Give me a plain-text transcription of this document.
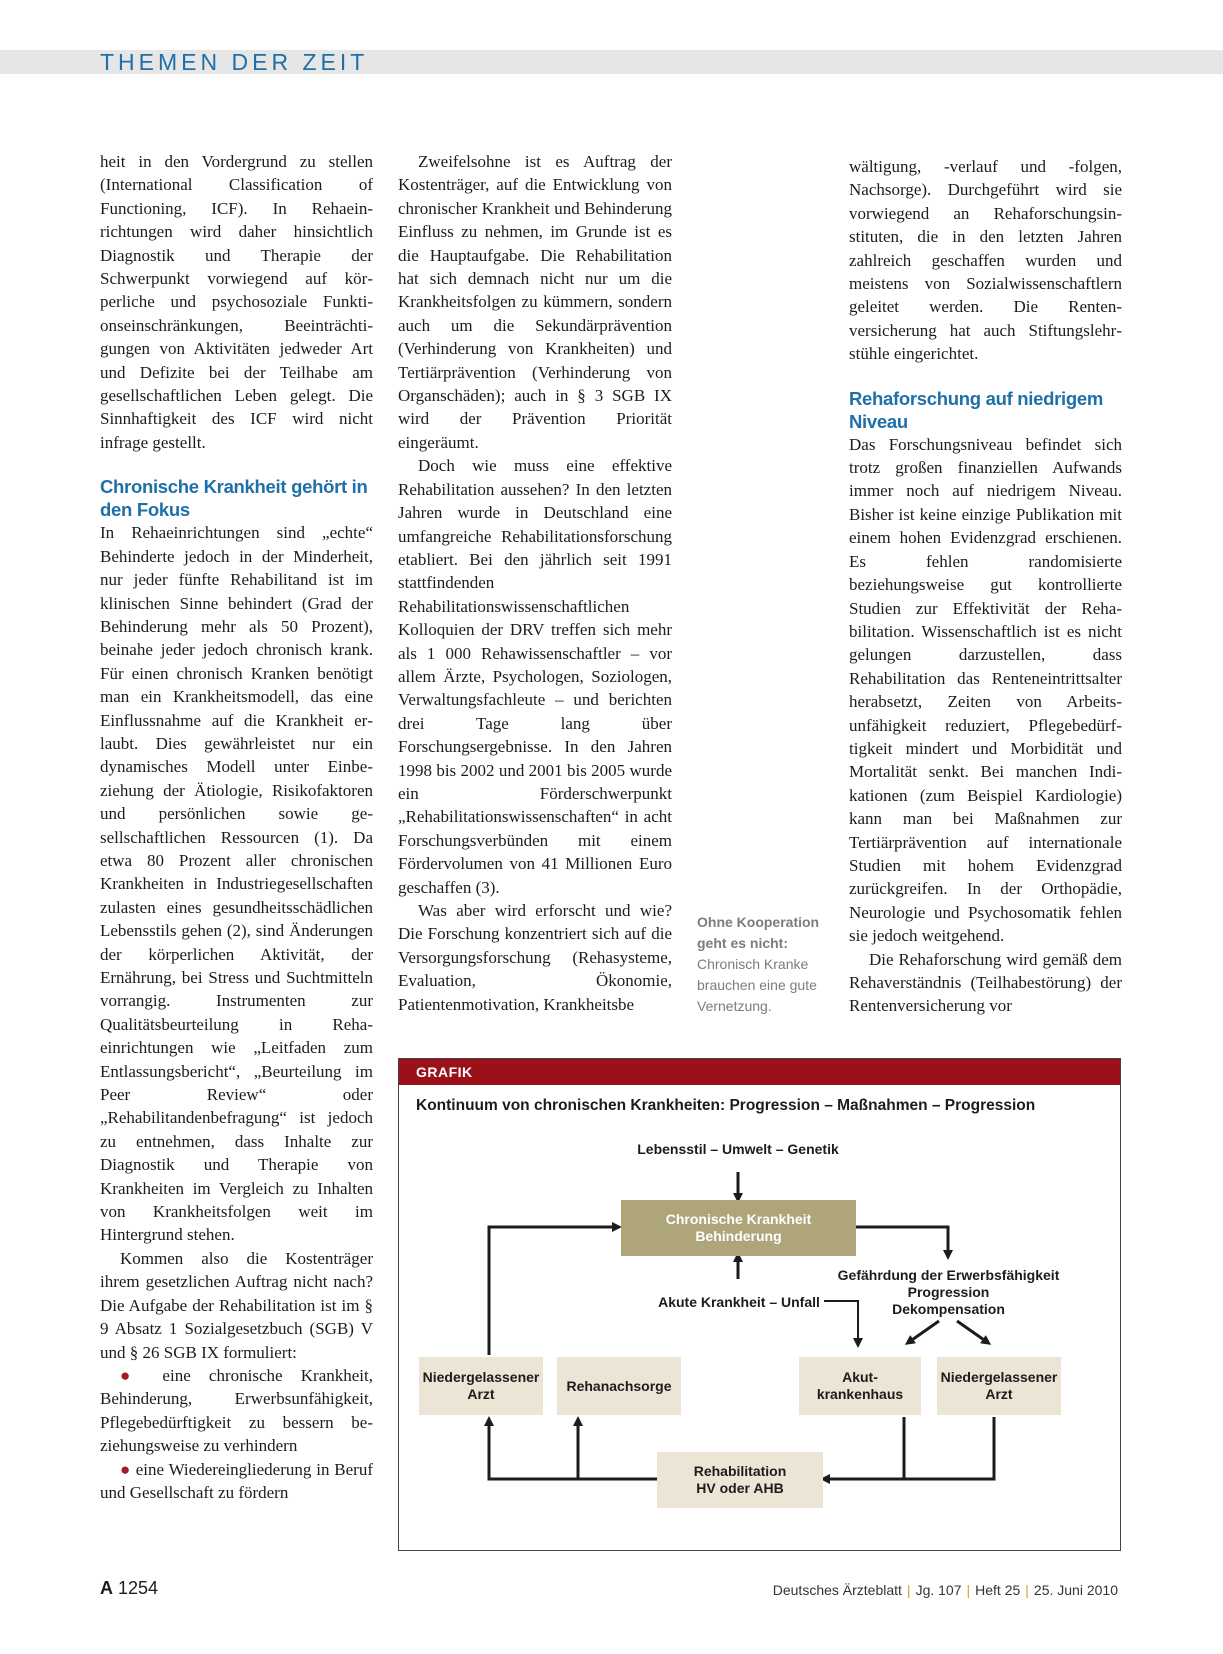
THEMEN DER ZEIT

heit in den Vordergrund zu stellen (International Classification of Functioning, ICF). In Rehaeinrichtungen wird daher hinsichtlich Diagnostik und Therapie der Schwerpunkt vorwiegend auf körperliche und psychosoziale Funktionseinschränkungen, Beeinträchtigungen von Aktivitäten jedweder Art und Defizite bei der Teilhabe am gesellschaftlichen Leben gelegt. Die Sinnhaftigkeit des ICF wird nicht infrage gestellt.

Chronische Krankheit gehört in den Fokus

In Rehaeinrichtungen sind „echte“ Behinderte jedoch in der Minderheit, nur jeder fünfte Rehabilitand ist im klinischen Sinne behindert (Grad der Behinderung mehr als 50 Prozent), beinahe jeder jedoch chronisch krank. Für einen chronisch Kranken benötigt man ein Krankheitsmodell, das eine Einflussnahme auf die Krankheit erlaubt. Dies gewährleistet nur ein dynamisches Modell unter Einbeziehung der Ätiologie, Risikofaktoren und persönlichen sowie gesellschaftlichen Ressourcen (1). Da etwa 80 Prozent aller chronischen Krankheiten in Industriegesellschaften zulasten eines gesundheitsschädlichen Lebensstils gehen (2), sind Änderungen der körperlichen Aktivität, der Ernährung, bei Stress und Suchtmitteln vorrangig. Instrumenten zur Qualitätsbeurteilung in Rehaeinrichtungen wie „Leitfaden zum Entlassungsbericht“, „Beurteilung im Peer Review“ oder „Rehabilitandenbefragung“ ist jedoch zu entnehmen, dass Inhalte zur Diagnostik und Therapie von Krankheiten im Vergleich zu Inhalten von Krankheitsfolgen weit im Hintergrund stehen.

Kommen also die Kostenträger ihrem gesetzlichen Auftrag nicht nach? Die Aufgabe der Rehabilitation ist im § 9 Absatz 1 Sozialgesetzbuch (SGB) V und § 26 SGB IX formuliert:

● eine chronische Krankheit, Behinderung, Erwerbsunfähigkeit, Pflegebedürftigkeit zu bessern beziehungsweise zu verhindern

● eine Wiedereingliederung in Beruf und Gesellschaft zu fördern

Zweifelsohne ist es Auftrag der Kostenträger, auf die Entwicklung von chronischer Krankheit und Behinderung Einfluss zu nehmen, im Grunde ist es die Hauptaufgabe. Die Rehabilitation hat sich demnach nicht nur um die Krankheitsfolgen zu kümmern, sondern auch um die Sekundärprävention (Verhinderung von Krankheiten) und Tertiärprävention (Verhinderung von Organschäden); auch in § 3 SGB IX wird der Prävention Priorität eingeräumt.

Doch wie muss eine effektive Rehabilitation aussehen? In den letzten Jahren wurde in Deutschland eine umfangreiche Rehabilitationsforschung etabliert. Bei den jährlich seit 1991 stattfindenden Rehabilitationswissenschaftlichen Kolloquien der DRV treffen sich mehr als 1 000 Rehawissenschaftler – vor allem Ärzte, Psychologen, Soziologen, Verwaltungsfachleute – und berichten drei Tage lang über Forschungsergebnisse. In den Jahren 1998 bis 2002 und 2001 bis 2005 wurde ein Förderschwerpunkt „Rehabilitationswissenschaften“ in acht Forschungsverbünden mit einem Fördervolumen von 41 Millionen Euro geschaffen (3).

Was aber wird erforscht und wie? Die Forschung konzentriert sich auf die Versorgungsforschung (Rehasysteme, Evaluation, Ökonomie, Patientenmotivation, Krankheitsbe

Ohne Kooperation geht es nicht:
Chronisch Kranke brauchen eine gute Vernetzung.

wältigung, -verlauf und -folgen, Nachsorge). Durchgeführt wird sie vorwiegend an Rehaforschungsinstituten, die in den letzten Jahren zahlreich geschaffen wurden und meistens von Sozialwissenschaftlern geleitet werden. Die Rentenversicherung hat auch Stiftungslehrstühle eingerichtet.

Rehaforschung auf niedrigem Niveau

Das Forschungsniveau befindet sich trotz großen finanziellen Aufwands immer noch auf niedrigem Niveau. Bisher ist keine einzige Publikation mit einem hohen Evidenzgrad erschienen. Es fehlen randomisierte beziehungsweise gut kontrollierte Studien zur Effektivität der Rehabilitation. Wissenschaftlich ist es nicht gelungen darzustellen, dass Rehabilitation das Renteneintrittsalter herabsetzt, Zeiten von Arbeitsunfähigkeit reduziert, Pflegebedürftigkeit mindert und Morbidität und Mortalität senkt. Bei manchen Indikationen (zum Beispiel Kardiologie) kann man bei Maßnahmen zur Tertiärprävention auf internationale Studien mit hohem Evidenzgrad zurückgreifen. In der Orthopädie, Neurologie und Psychosomatik fehlen sie jedoch weitgehend.

Die Rehaforschung wird gemäß dem Rehaverständnis (Teilhabestörung) der Rentenversicherung vor

GRAFIK
Kontinuum von chronischen Krankheiten: Progression – Maßnahmen – Progression
Lebensstil – Umwelt – Genetik
Chronische Krankheit
Behinderung
Akute Krankheit – Unfall
Gefährdung der Erwerbsfähigkeit
Progression
Dekompensation
Niedergelassener
Arzt
Rehanachsorge
Akut-
krankenhaus
Niedergelassener
Arzt
Rehabilitation
HV oder AHB
A 1254	Deutsches Ärzteblatt | Jg. 107 | Heft 25 | 25. Juni 2010
